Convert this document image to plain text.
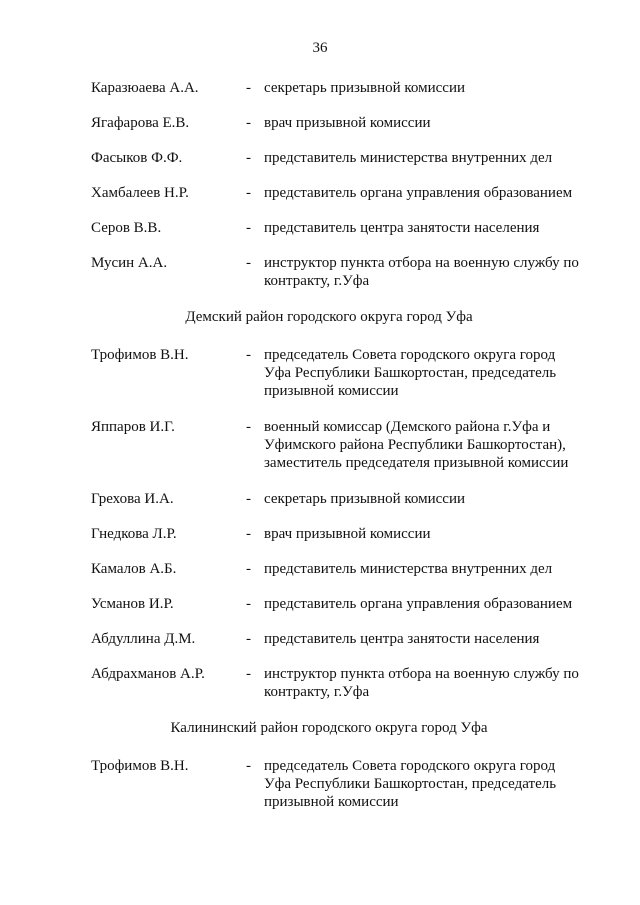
36
Каразюаева А.А.	- секретарь призывной комиссии
Ягафарова Е.В.	- врач призывной комиссии
Фасыков Ф.Ф.	- представитель министерства внутренних дел
Хамбалеев Н.Р.	- представитель органа управления образованием
Серов В.В.	- представитель центра занятости населения
Мусин А.А.	- инструктор пункта отбора на военную службу по
контракту, г.Уфа
Демский район городского округа город Уфа
Трофимов В.Н.	- председатель Совета городского округа город
Уфа Республики Башкортостан, председатель
призывной комиссии
Яппаров И.Г.	- военный комиссар (Демского района г.Уфа и
Уфимского района Республики Башкортостан),
заместитель председателя призывной комиссии
Грехова И.А.	- секретарь призывной комиссии
Гнедкова Л.Р.	- врач призывной комиссии
Камалов А.Б.	- представитель министерства внутренних дел
Усманов И.Р.	- представитель органа управления образованием
Абдуллина Д.М.	- представитель центра занятости населения
Абдрахманов А.Р.	- инструктор пункта отбора на военную службу по
контракту, г.Уфа
Калининский район городского округа город Уфа
Трофимов В.Н.	- председатель Совета городского округа город
Уфа Республики Башкортостан, председатель
призывной комиссии
